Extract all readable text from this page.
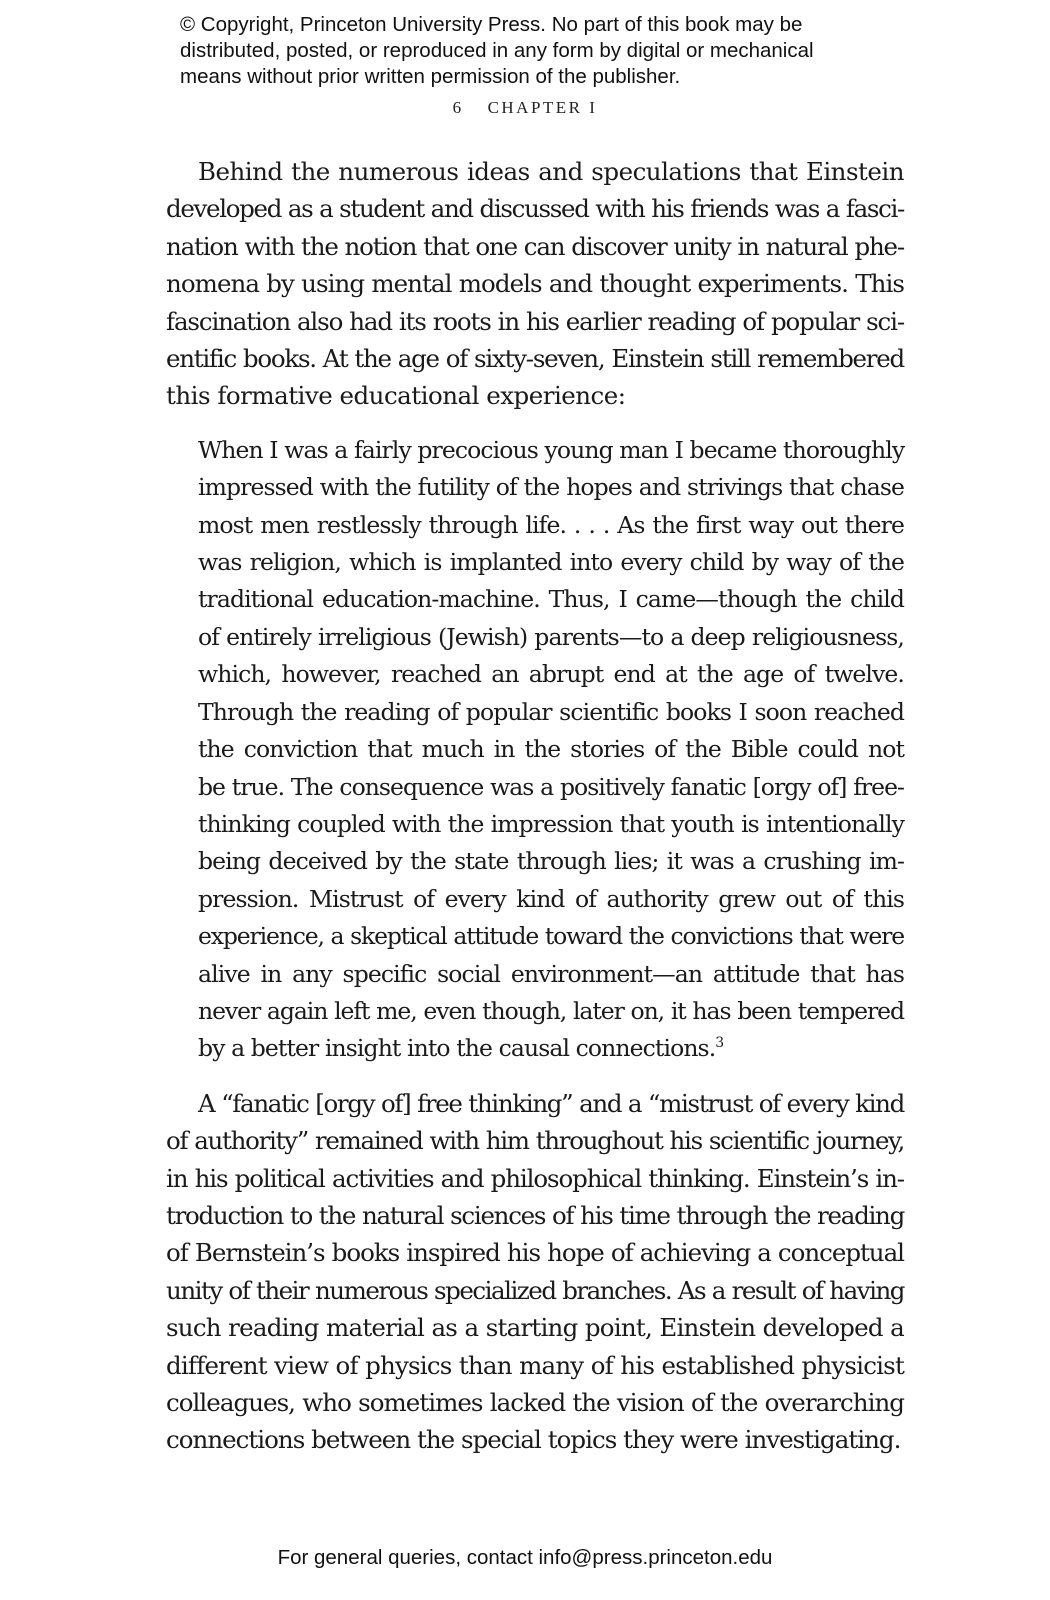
© Copyright, Princeton University Press. No part of this book may be
distributed, posted, or reproduced in any form by digital or mechanical
means without prior written permission of the publisher.
6 CHAPTER I
Behind the numerous ideas and speculations that Einstein
developed as a student and discussed with his friends was a fasci-
nation with the notion that one can discover unity in natural phe-
nomena by using mental models and thought experiments. This
fascination also had its roots in his earlier reading of popular sci-
entific books. At the age of sixty-seven, Einstein still remembered
this formative educational experience:
When I was a fairly precocious young man I became thoroughly
impressed with the futility of the hopes and strivings that chase
most men restlessly through life. . . . As the first way out there
was religion, which is implanted into every child by way of the
traditional education-machine. Thus, I came—though the child
of entirely irreligious (Jewish) parents—to a deep religiousness,
which, however, reached an abrupt end at the age of twelve.
Through the reading of popular scientific books I soon reached
the conviction that much in the stories of the Bible could not
be true. The consequence was a positively fanatic [orgy of] free-
thinking coupled with the impression that youth is intentionally
being deceived by the state through lies; it was a crushing im-
pression. Mistrust of every kind of authority grew out of this
experience, a skeptical attitude toward the convictions that were
alive in any specific social environment—an attitude that has
never again left me, even though, later on, it has been tempered
by a better insight into the causal connections.$^3$
A “fanatic [orgy of] free thinking” and a “mistrust of every kind
of authority” remained with him throughout his scientific journey,
in his political activities and philosophical thinking. Einstein’s in-
troduction to the natural sciences of his time through the reading
of Bernstein’s books inspired his hope of achieving a conceptual
unity of their numerous specialized branches. As a result of having
such reading material as a starting point, Einstein developed a
different view of physics than many of his established physicist
colleagues, who sometimes lacked the vision of the overarching
connections between the special topics they were investigating.
For general queries, contact info@press.princeton.edu
